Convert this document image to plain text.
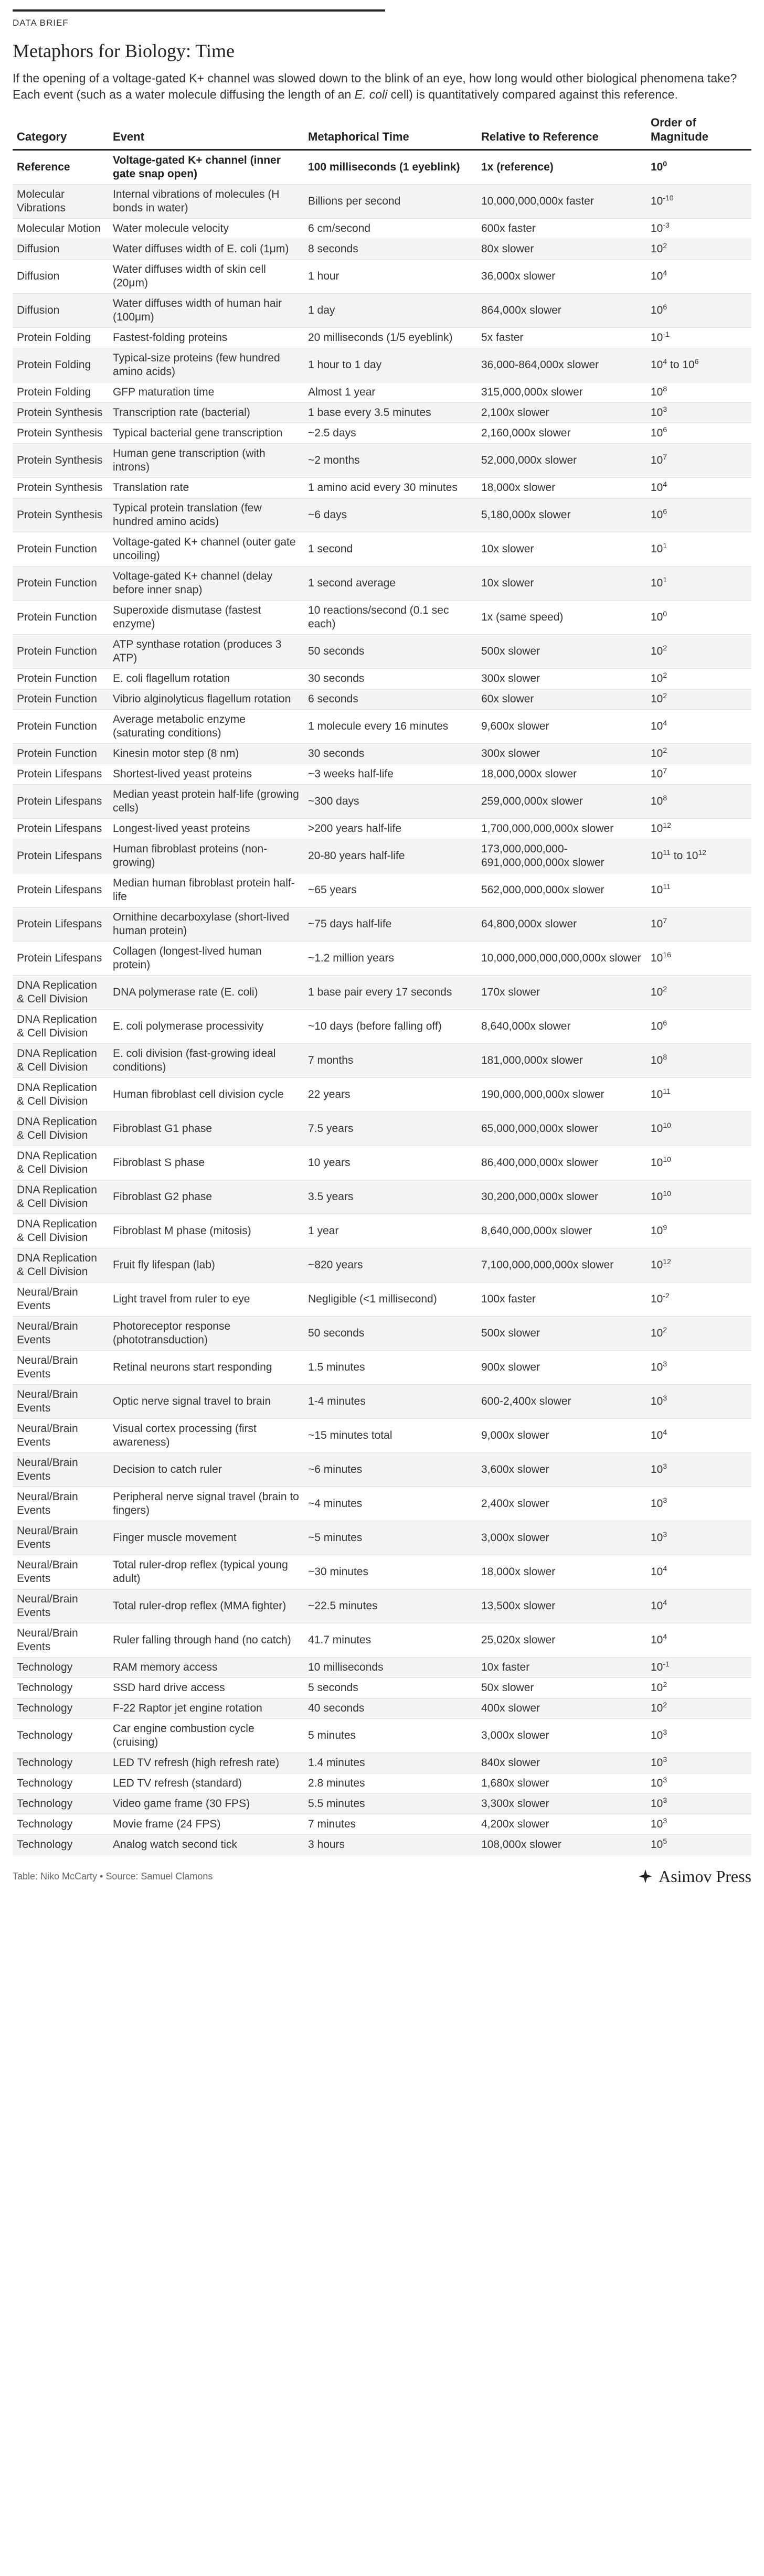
DATA BRIEF
Metaphors for Biology: Time

If the opening of a voltage-gated K+ channel was slowed down to the blink of an eye, how long would other biological phenomena take? Each event (such as a water molecule diffusing the length of an E. coli cell) is quantitatively compared against this reference.

Category	Event	Metaphorical Time	Relative to Reference	Order of Magnitude
Reference	Voltage-gated K+ channel (inner gate snap open)	100 milliseconds (1 eyeblink)	1x (reference)	$10^0$
Molecular Vibrations	Internal vibrations of molecules (H bonds in water)	Billions per second	10,000,000,000x faster	$10^{-10}$
Molecular Motion	Water molecule velocity	6 cm/second	600x faster	$10^{-3}$
Diffusion	Water diffuses width of E. coli (1μm)	8 seconds	80x slower	$10^2$
Diffusion	Water diffuses width of skin cell (20μm)	1 hour	36,000x slower	$10^4$
Diffusion	Water diffuses width of human hair (100μm)	1 day	864,000x slower	$10^6$
Protein Folding	Fastest-folding proteins	20 milliseconds (1/5 eyeblink)	5x faster	$10^{-1}$
Protein Folding	Typical-size proteins (few hundred amino acids)	1 hour to 1 day	36,000-864,000x slower	$10^4$ to $10^6$
Protein Folding	GFP maturation time	Almost 1 year	315,000,000x slower	$10^8$
Protein Synthesis	Transcription rate (bacterial)	1 base every 3.5 minutes	2,100x slower	$10^3$
Protein Synthesis	Typical bacterial gene transcription	~2.5 days	2,160,000x slower	$10^6$
Protein Synthesis	Human gene transcription (with introns)	~2 months	52,000,000x slower	$10^7$
Protein Synthesis	Translation rate	1 amino acid every 30 minutes	18,000x slower	$10^4$
Protein Synthesis	Typical protein translation (few hundred amino acids)	~6 days	5,180,000x slower	$10^6$
Protein Function	Voltage-gated K+ channel (outer gate uncoiling)	1 second	10x slower	$10^1$
Protein Function	Voltage-gated K+ channel (delay before inner snap)	1 second average	10x slower	$10^1$
Protein Function	Superoxide dismutase (fastest enzyme)	10 reactions/second (0.1 sec each)	1x (same speed)	$10^0$
Protein Function	ATP synthase rotation (produces 3 ATP)	50 seconds	500x slower	$10^2$
Protein Function	E. coli flagellum rotation	30 seconds	300x slower	$10^2$
Protein Function	Vibrio alginolyticus flagellum rotation	6 seconds	60x slower	$10^2$
Protein Function	Average metabolic enzyme (saturating conditions)	1 molecule every 16 minutes	9,600x slower	$10^4$
Protein Function	Kinesin motor step (8 nm)	30 seconds	300x slower	$10^2$
Protein Lifespans	Shortest-lived yeast proteins	~3 weeks half-life	18,000,000x slower	$10^7$
Protein Lifespans	Median yeast protein half-life (growing cells)	~300 days	259,000,000x slower	$10^8$
Protein Lifespans	Longest-lived yeast proteins	>200 years half-life	1,700,000,000,000x slower	$10^{12}$
Protein Lifespans	Human fibroblast proteins (non-growing)	20-80 years half-life	173,000,000,000-691,000,000,000x slower	$10^{11}$ to $10^{12}$
Protein Lifespans	Median human fibroblast protein half-life	~65 years	562,000,000,000x slower	$10^{11}$
Protein Lifespans	Ornithine decarboxylase (short-lived human protein)	~75 days half-life	64,800,000x slower	$10^7$
Protein Lifespans	Collagen (longest-lived human protein)	~1.2 million years	10,000,000,000,000,000x slower	$10^{16}$
DNA Replication & Cell Division	DNA polymerase rate (E. coli)	1 base pair every 17 seconds	170x slower	$10^2$
DNA Replication & Cell Division	E. coli polymerase processivity	~10 days (before falling off)	8,640,000x slower	$10^6$
DNA Replication & Cell Division	E. coli division (fast-growing ideal conditions)	7 months	181,000,000x slower	$10^8$
DNA Replication & Cell Division	Human fibroblast cell division cycle	22 years	190,000,000,000x slower	$10^{11}$
DNA Replication & Cell Division	Fibroblast G1 phase	7.5 years	65,000,000,000x slower	$10^{10}$
DNA Replication & Cell Division	Fibroblast S phase	10 years	86,400,000,000x slower	$10^{10}$
DNA Replication & Cell Division	Fibroblast G2 phase	3.5 years	30,200,000,000x slower	$10^{10}$
DNA Replication & Cell Division	Fibroblast M phase (mitosis)	1 year	8,640,000,000x slower	$10^9$
DNA Replication & Cell Division	Fruit fly lifespan (lab)	~820 years	7,100,000,000,000x slower	$10^{12}$
Neural/Brain Events	Light travel from ruler to eye	Negligible (<1 millisecond)	100x faster	$10^{-2}$
Neural/Brain Events	Photoreceptor response (phototransduction)	50 seconds	500x slower	$10^2$
Neural/Brain Events	Retinal neurons start responding	1.5 minutes	900x slower	$10^3$
Neural/Brain Events	Optic nerve signal travel to brain	1-4 minutes	600-2,400x slower	$10^3$
Neural/Brain Events	Visual cortex processing (first awareness)	~15 minutes total	9,000x slower	$10^4$
Neural/Brain Events	Decision to catch ruler	~6 minutes	3,600x slower	$10^3$
Neural/Brain Events	Peripheral nerve signal travel (brain to fingers)	~4 minutes	2,400x slower	$10^3$
Neural/Brain Events	Finger muscle movement	~5 minutes	3,000x slower	$10^3$
Neural/Brain Events	Total ruler-drop reflex (typical young adult)	~30 minutes	18,000x slower	$10^4$
Neural/Brain Events	Total ruler-drop reflex (MMA fighter)	~22.5 minutes	13,500x slower	$10^4$
Neural/Brain Events	Ruler falling through hand (no catch)	41.7 minutes	25,020x slower	$10^4$
Technology	RAM memory access	10 milliseconds	10x faster	$10^{-1}$
Technology	SSD hard drive access	5 seconds	50x slower	$10^2$
Technology	F-22 Raptor jet engine rotation	40 seconds	400x slower	$10^2$
Technology	Car engine combustion cycle (cruising)	5 minutes	3,000x slower	$10^3$
Technology	LED TV refresh (high refresh rate)	1.4 minutes	840x slower	$10^3$
Technology	LED TV refresh (standard)	2.8 minutes	1,680x slower	$10^3$
Technology	Video game frame (30 FPS)	5.5 minutes	3,300x slower	$10^3$
Technology	Movie frame (24 FPS)	7 minutes	4,200x slower	$10^3$
Technology	Analog watch second tick	3 hours	108,000x slower	$10^5$
Table: Niko McCarty • Source: Samuel Clamons	Asimov Press
